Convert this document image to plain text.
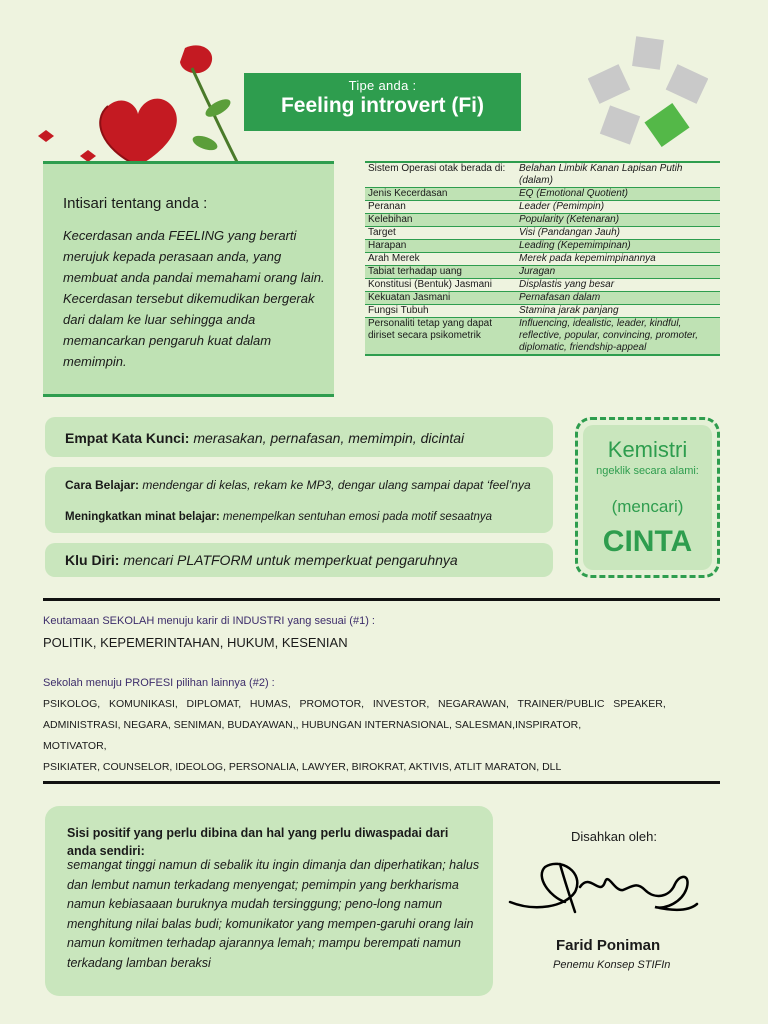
Tipe anda :
Feeling introvert (Fi)
Intisari tentang anda :
Kecerdasan anda FEELING yang berarti merujuk kepada perasaan anda, yang membuat anda pandai memahami orang lain. Kecerdasan tersebut dikemudikan bergerak dari dalam ke luar sehingga anda memancarkan pengaruh kuat dalam memimpin.
Sistem Operasi otak berada di:	Belahan Limbik Kanan Lapisan Putih (dalam)
Jenis Kecerdasan	EQ (Emotional Quotient)
Peranan	Leader (Pemimpin)
Kelebihan	Popularity (Ketenaran)
Target	Visi (Pandangan Jauh)
Harapan	Leading (Kepemimpinan)
Arah Merek	Merek pada kepemimpinannya
Tabiat terhadap uang	Juragan
Konstitusi (Bentuk) Jasmani	Displastis yang besar
Kekuatan Jasmani	Pernafasan dalam
Fungsi Tubuh	Stamina jarak panjang
Personaliti tetap yang dapat diriset secara psikometrik	Influencing, idealistic, leader, kindful, reflective, popular, convincing, promoter, diplomatic, friendship-appeal
Empat Kata Kunci: merasakan, pernafasan, memimpin, dicintai
Cara Belajar: mendengar di kelas, rekam ke MP3, dengar ulang sampai dapat ‘feel’nya
Meningkatkan minat belajar: menempelkan sentuhan emosi pada motif sesaatnya
Klu Diri: mencari PLATFORM untuk memperkuat pengaruhnya
Kemistri
ngeklik secara alami:
(mencari)
CINTA
Keutamaan SEKOLAH menuju karir di INDUSTRI yang sesuai (#1) :
POLITIK, KEPEMERINTAHAN, HUKUM, KESENIAN
Sekolah menuju PROFESI pilihan lainnya (#2) :
PSIKOLOG,   KOMUNIKASI,   DIPLOMAT,   HUMAS,   PROMOTOR,   INVESTOR,   NEGARAWAN,   TRAINER/PUBLIC   SPEAKER,
ADMINISTRASI, NEGARA, SENIMAN, BUDAYAWAN,, HUBUNGAN INTERNASIONAL, SALESMAN,INSPIRATOR, MOTIVATOR,
PSIKIATER, COUNSELOR, IDEOLOG, PERSONALIA, LAWYER, BIROKRAT, AKTIVIS, ATLIT MARATON, DLL
Sisi positif yang perlu dibina dan hal yang perlu diwaspadai dari anda sendiri:
semangat tinggi namun di sebalik itu ingin dimanja dan diperhatikan; halus dan lembut namun terkadang menyengat; pemimpin yang berkharisma namun kebiasaaan buruknya mudah tersinggung; peno-long namun menghitung nilai balas budi; komunikator yang mempen-garuhi orang lain namun komitmen terhadap ajarannya lemah; mampu berempati namun terkadang lamban beraksi
Disahkan oleh:
Farid Poniman
Penemu Konsep STIFIn
